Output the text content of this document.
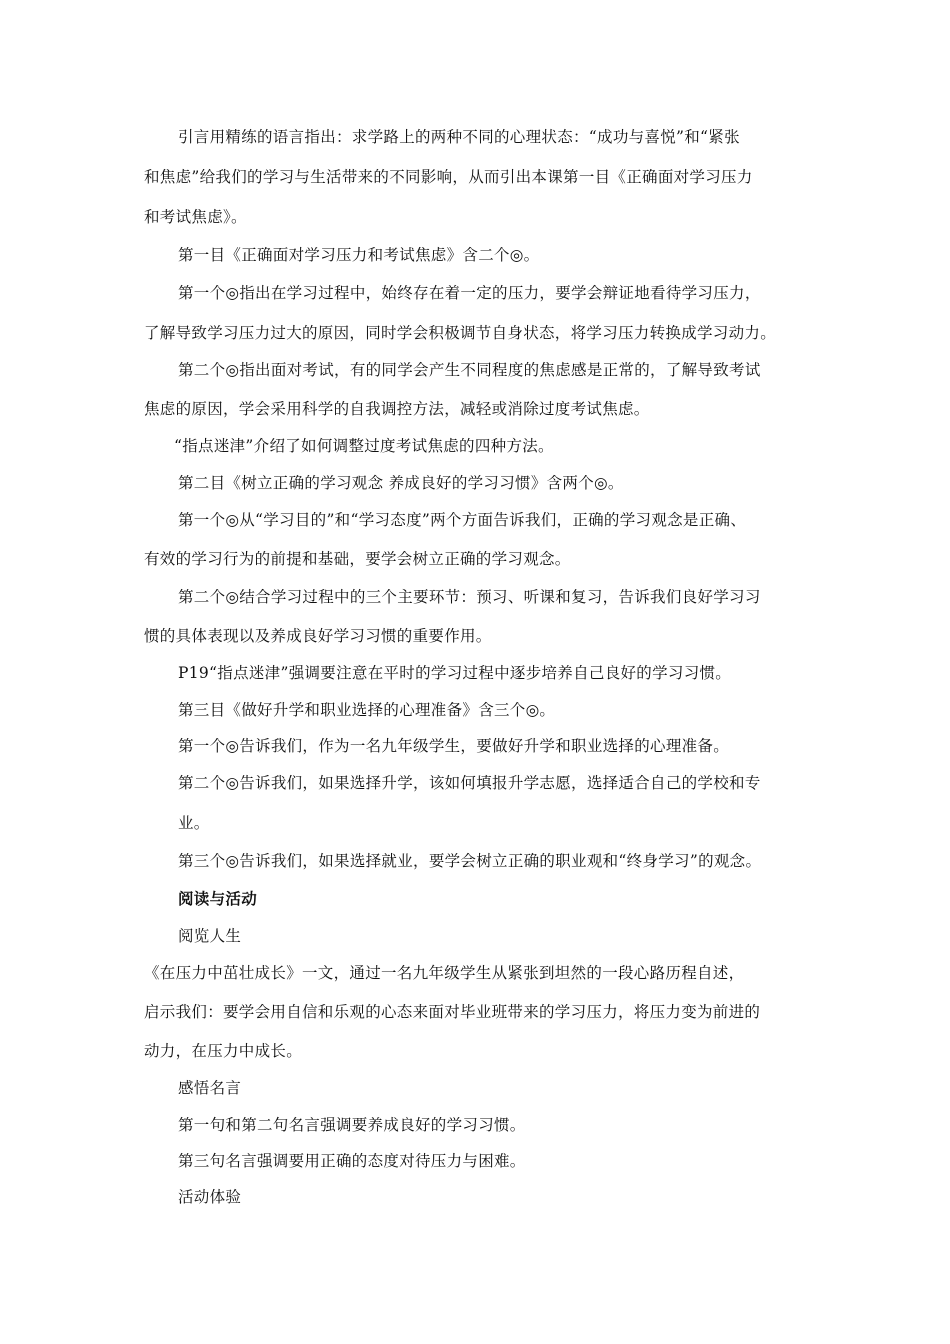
引言用精练的语言指出：求学路上的两种不同的心理状态：“成功与喜悦”和“紧张
和焦虑”给我们的学习与生活带来的不同影响，从而引出本课第一目《正确面对学习压力
和考试焦虑》。
第一目《正确面对学习压力和考试焦虑》含二个◎。
第一个◎指出在学习过程中，始终存在着一定的压力，要学会辩证地看待学习压力，
了解导致学习压力过大的原因，同时学会积极调节自身状态，将学习压力转换成学习动力。
第二个◎指出面对考试，有的同学会产生不同程度的焦虑感是正常的，了解导致考试
焦虑的原因，学会采用科学的自我调控方法，减轻或消除过度考试焦虑。
“指点迷津”介绍了如何调整过度考试焦虑的四种方法。
第二目《树立正确的学习观念 养成良好的学习习惯》含两个◎。
第一个◎从“学习目的”和“学习态度”两个方面告诉我们，正确的学习观念是正确、
有效的学习行为的前提和基础，要学会树立正确的学习观念。
第二个◎结合学习过程中的三个主要环节：预习、听课和复习，告诉我们良好学习习
惯的具体表现以及养成良好学习习惯的重要作用。
P19“指点迷津”强调要注意在平时的学习过程中逐步培养自己良好的学习习惯。
第三目《做好升学和职业选择的心理准备》含三个◎。
第一个◎告诉我们，作为一名九年级学生，要做好升学和职业选择的心理准备。
第二个◎告诉我们，如果选择升学，该如何填报升学志愿，选择适合自己的学校和专
业。
第三个◎告诉我们，如果选择就业，要学会树立正确的职业观和“终身学习”的观念。
阅读与活动
阅览人生
《在压力中茁壮成长》一文，通过一名九年级学生从紧张到坦然的一段心路历程自述，
启示我们：要学会用自信和乐观的心态来面对毕业班带来的学习压力，将压力变为前进的
动力，在压力中成长。
感悟名言
第一句和第二句名言强调要养成良好的学习习惯。
第三句名言强调要用正确的态度对待压力与困难。
活动体验
